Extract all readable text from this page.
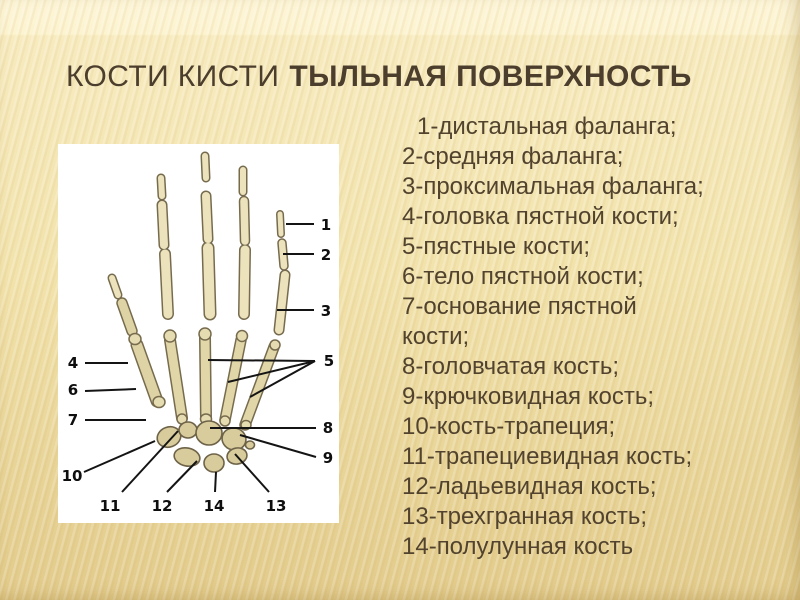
КОСТИ КИСТИ ТЫЛЬНАЯ ПОВЕРХНОСТЬ
1
2
3
4	5
6
7	8
9
10
11 12 14	13
1-дистальная фаланга;
2-средняя фаланга;
3-проксимальная фаланга;
4-головка пястной кости;
5-пястные кости;
6-тело пястной кости;
7-основание пястной
кости;
8-головчатая кость;
9-крючковидная кость;
10-кость-трапеция;
11-трапециевидная кость;
12-ладьевидная кость;
13-трехгранная кость;
14-полулунная кость
